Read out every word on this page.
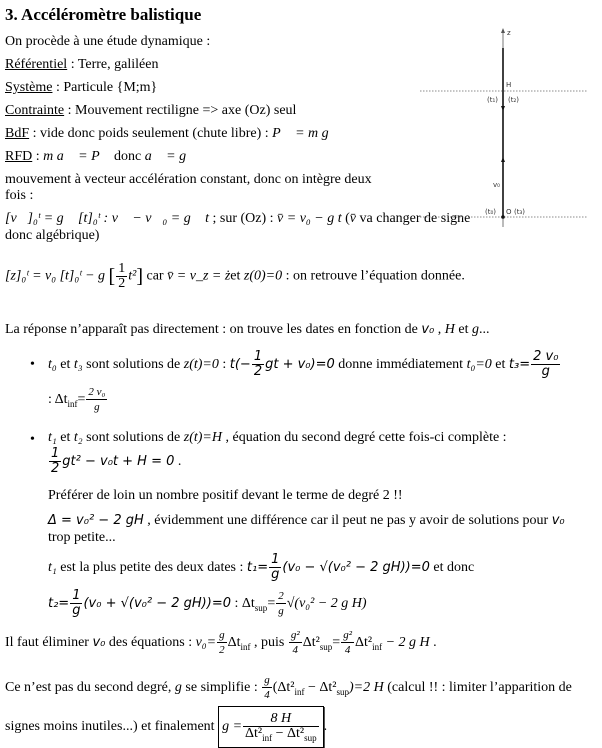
3. Accéléromètre balistique
On procède à une étude dynamique :
Référentiel : Terre, galiléen
Système : Particule {M;m}
Contrainte : Mouvement rectiligne => axe (Oz) seul
BdF : vide donc poids seulement (chute libre) : P⃗ = m g⃗
RFD : m a⃗ = P⃗ donc a⃗ = g⃗
mouvement à vecteur accélération constant, donc on intègre deux
fois :
[v⃗]₀ᵗ = g⃗ [t]₀ᵗ : v⃗ − v⃗₀ = g⃗ t ; sur (Oz) : v̄ = v₀ − g t (v̄ va changer de signe
donc algébrique)
[z]₀ᵗ = v₀ [t]₀ᵗ − g [ $\frac{1}{2} t^2$] car v̄ = v_z = żet z(0)=0 : on retrouve l’équation donnée.
La réponse n’apparaît pas directement : on trouve les dates en fonction de v₀ , H et g...
• t₀ et t₃ sont solutions de z(t)=0 : $t(- \frac{1}{2}$ gt + v₀)=0 donne immédiatement t₀=0 et $t_3= \frac{\text{2 v₀}}{g}$
: $\Delta t_{inf}= \frac{\text{2 v₀}}{g}$
• t₁ et t₂ sont solutions de z(t)=H , équation du second degré cette fois-ci complète :
$\frac{1}{2} gt^2 - v_0t + H = 0$ .
Préférer de loin un nombre positif devant le terme de degré 2 !!
Δ = v₀² − 2 gH , évidemment une différence car il peut ne pas y avoir de solutions pour v₀
trop petite...
t₁ est la plus petite des deux dates : $t_1= \frac{1}{g} (v_0 - √(v_0^2 - 2$ gH))=0 et donc
$t_2= \frac{1}{g} (v_0 + √(v_0^2 - 2$ gH))=0 : $\Delta t_{sup}= \frac{2}{g} √(v_0^2 - 2$ g H)
Il faut éliminer v₀ des équations : $v_0= \frac{g}{2} \Delta t_{inf}$ , puis $\frac{\text{g²}}{4} \Delta t^2_{sup}= \frac{\text{g²}}{4} \Delta t^2_{inf} - 2$ g H .
Ce n’est pas du second degré, g se simplifie : $\frac{g}{4} (\Delta t^2_{inf} - \Delta t^2_{sup})=2$ H (calcul !! : limiter l’apparition de
signes moins inutiles...) et finalement $g = \frac{8 H}{\Delta t^2_{inf} - \Delta t^2_{sup}}$ .
z
H
(t₁) (t₂)
v₀
(t₀) O (t₃)
